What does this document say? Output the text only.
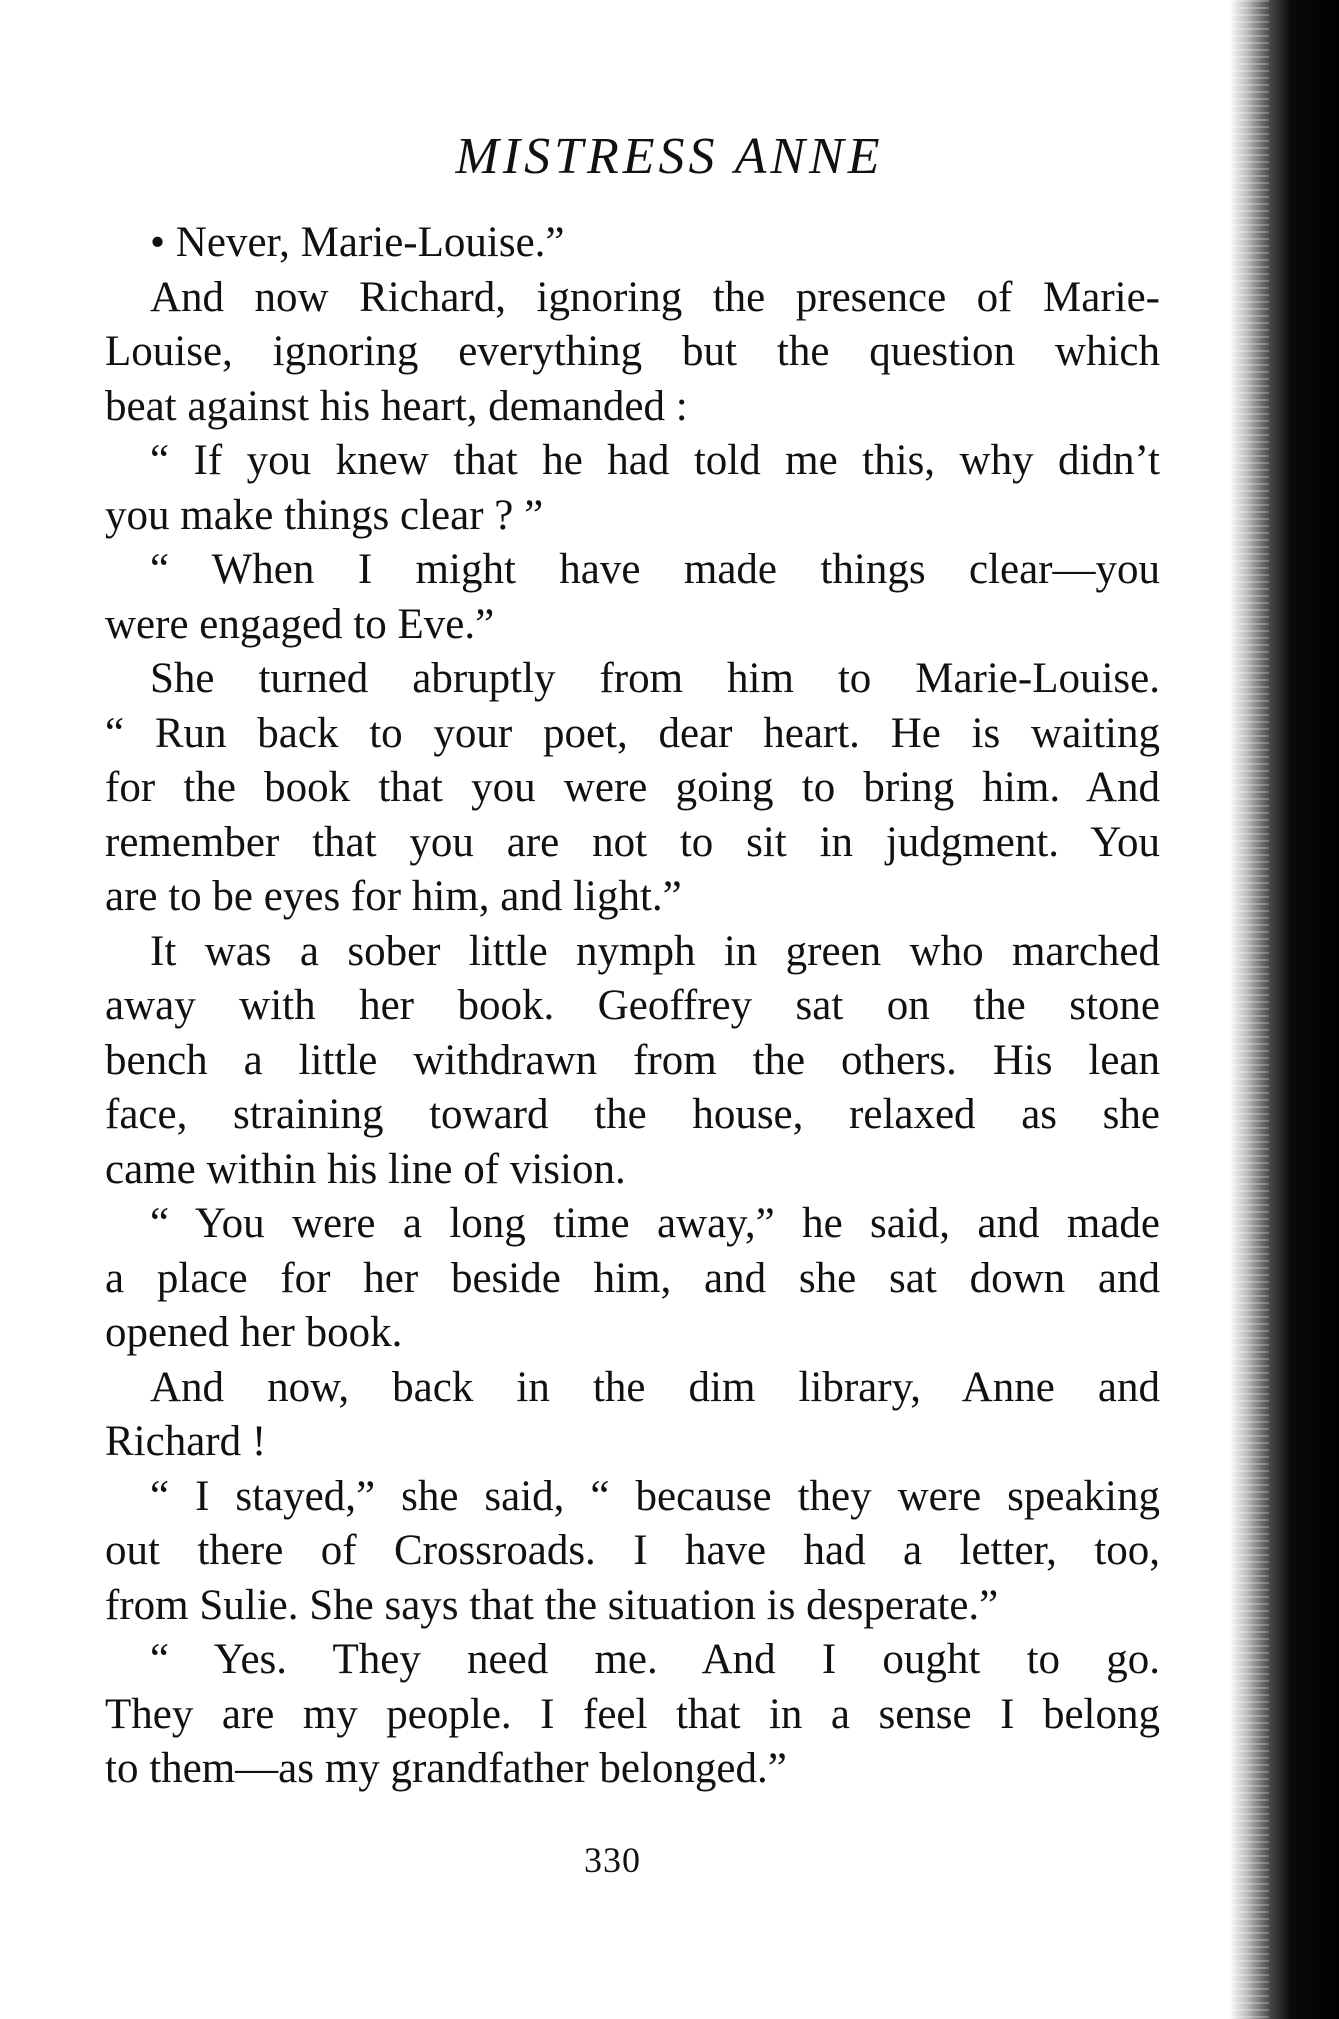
MISTRESS ANNE
• Never, Marie-Louise.”
And now Richard, ignoring the presence of Marie-
Louise, ignoring everything but the question which
beat against his heart, demanded :
“ If you knew that he had told me this, why didn’t
you make things clear ? ”
“ When I might have made things clear—you
were engaged to Eve.”
She turned abruptly from him to Marie-Louise.
“ Run back to your poet, dear heart. He is waiting
for the book that you were going to bring him. And
remember that you are not to sit in judgment. You
are to be eyes for him, and light.”
It was a sober little nymph in green who marched
away with her book. Geoffrey sat on the stone
bench a little withdrawn from the others. His lean
face, straining toward the house, relaxed as she
came within his line of vision.
“ You were a long time away,” he said, and made
a place for her beside him, and she sat down and
opened her book.
And now, back in the dim library, Anne and
Richard !
“ I stayed,” she said, “ because they were speaking
out there of Crossroads. I have had a letter, too,
from Sulie. She says that the situation is desperate.”
“ Yes. They need me. And I ought to go.
They are my people. I feel that in a sense I belong
to them—as my grandfather belonged.”
330
